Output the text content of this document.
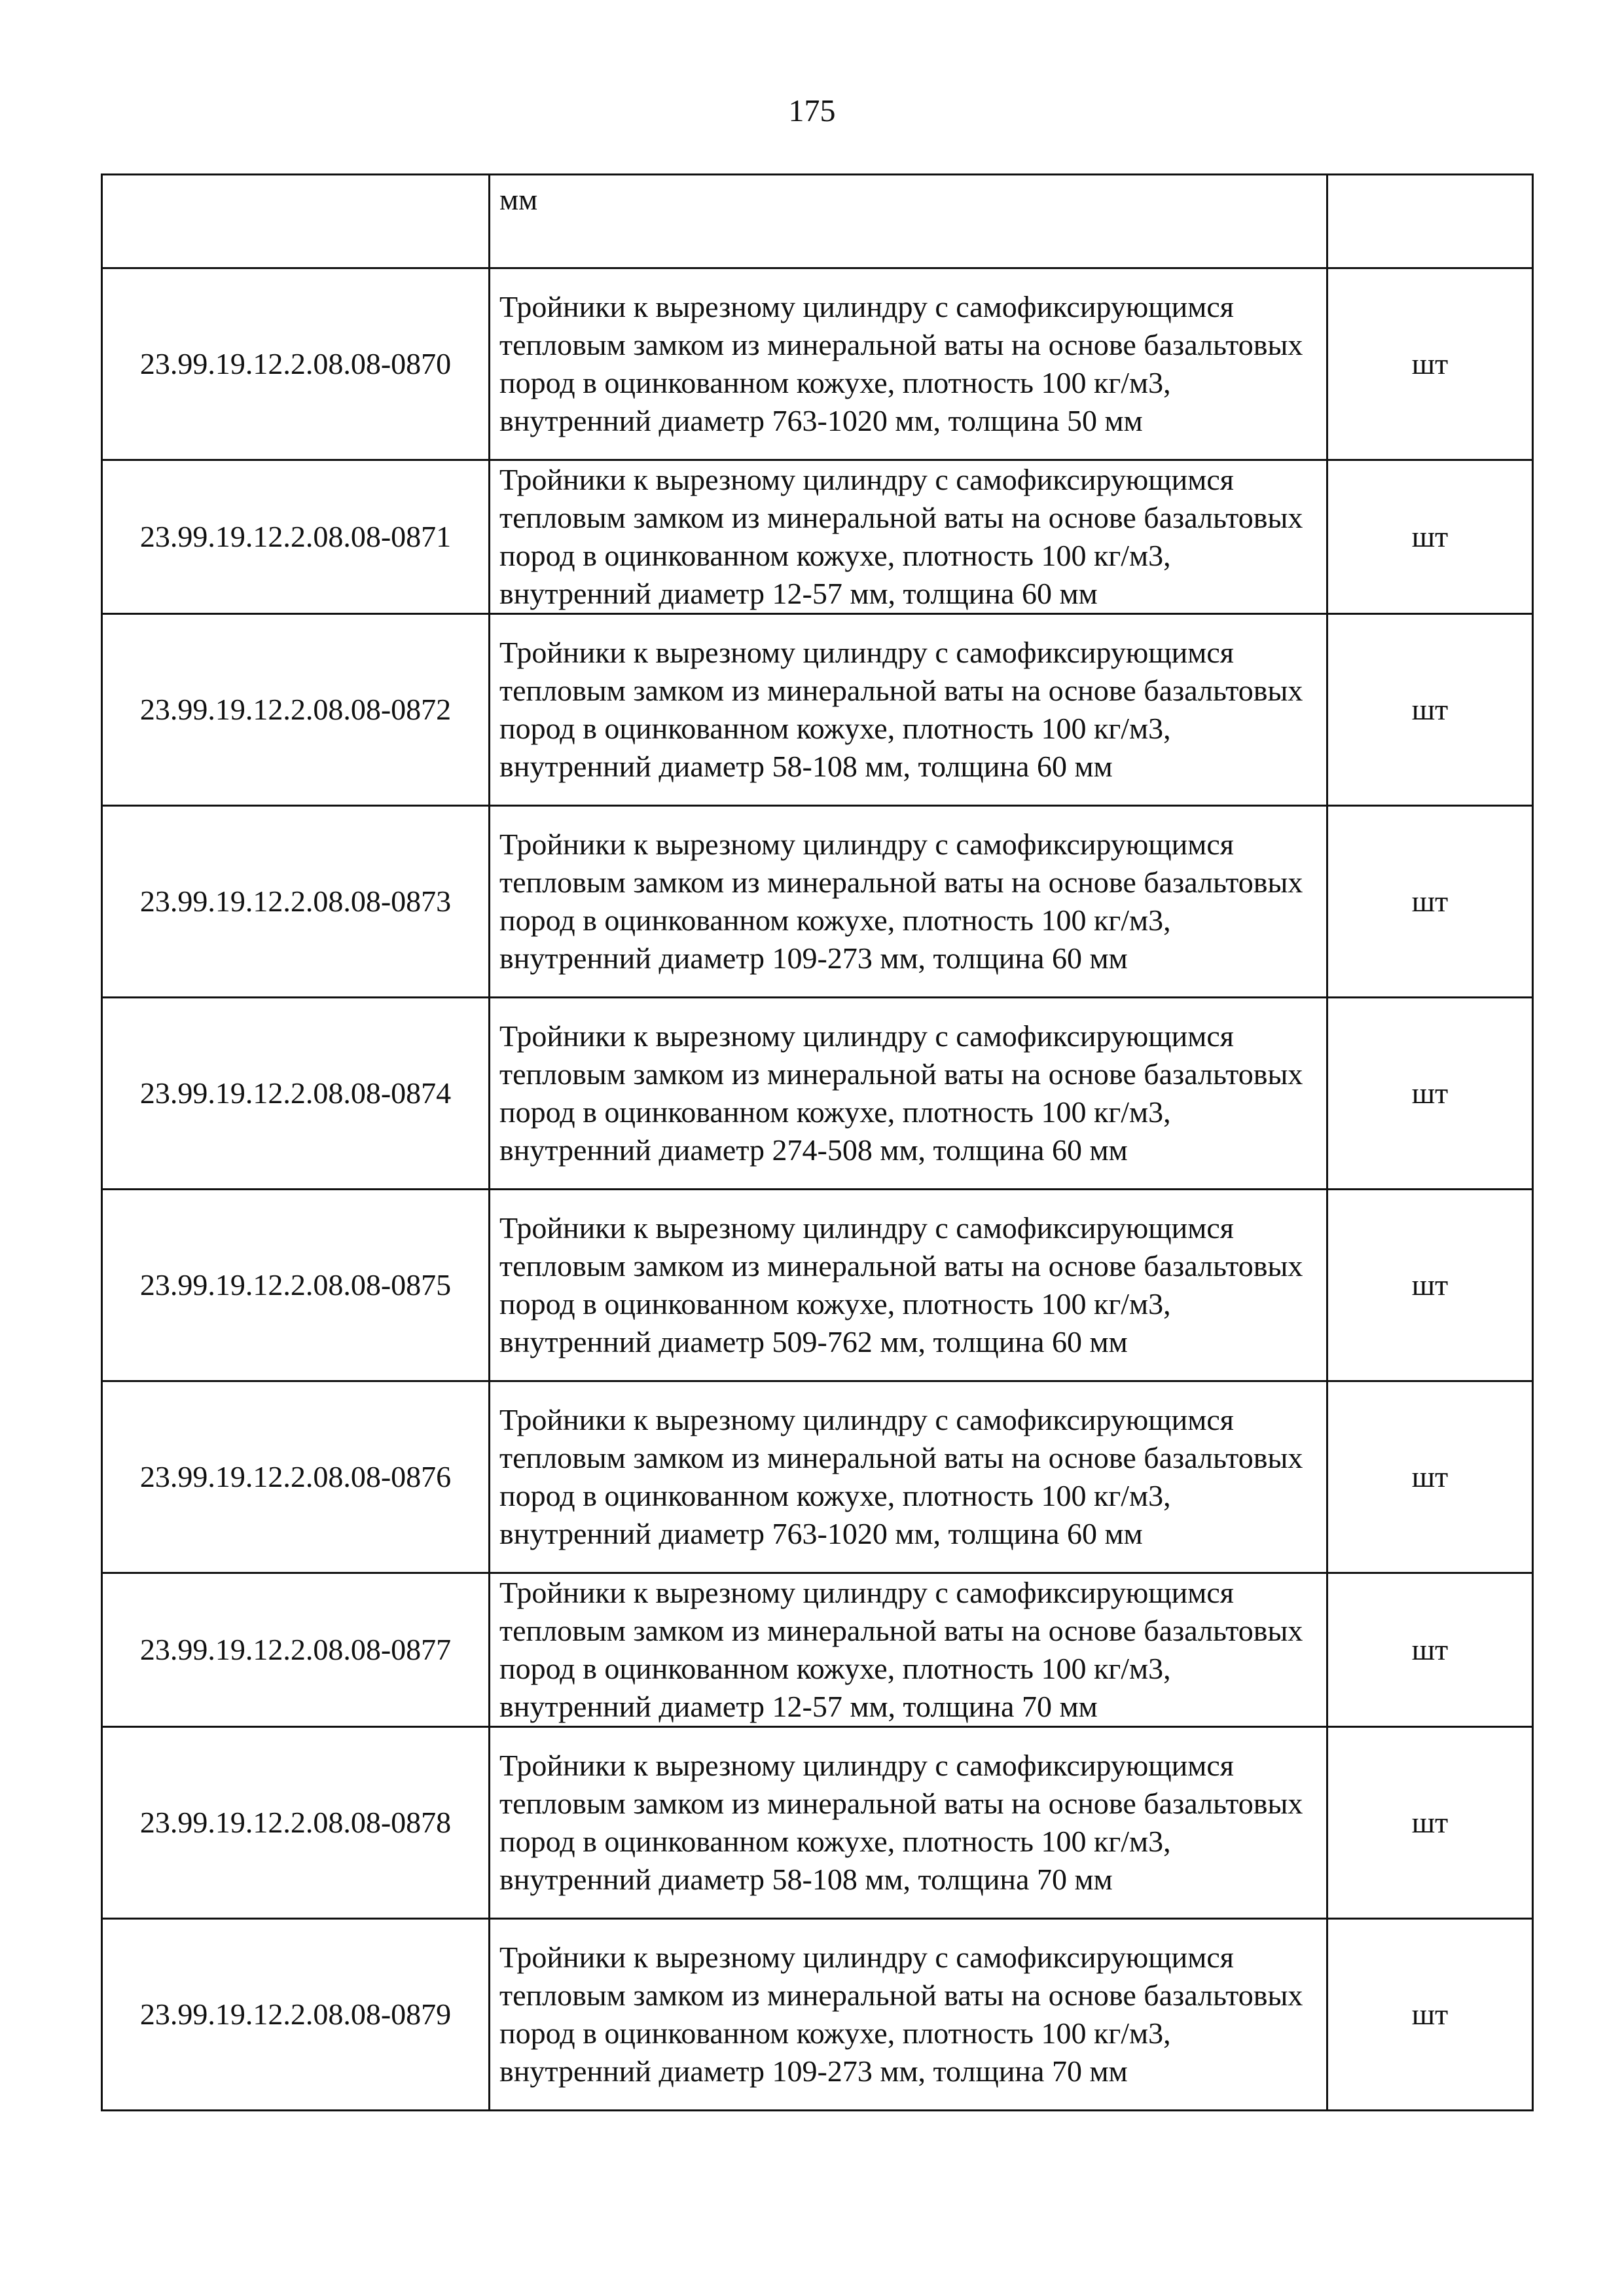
175
	мм	
23.99.19.12.2.08.08-0870	Тройники к вырезному цилиндру с самофиксирующимся тепловым замком из минеральной ваты на основе базальтовых пород в оцинкованном кожухе, плотность 100 кг/м3, внутренний диаметр 763-1020 мм, толщина 50 мм	шт
23.99.19.12.2.08.08-0871	Тройники к вырезному цилиндру с самофиксирующимся тепловым замком из минеральной ваты на основе базальтовых пород в оцинкованном кожухе, плотность 100 кг/м3, внутренний диаметр 12-57 мм, толщина 60 мм	шт
23.99.19.12.2.08.08-0872	Тройники к вырезному цилиндру с самофиксирующимся тепловым замком из минеральной ваты на основе базальтовых пород в оцинкованном кожухе, плотность 100 кг/м3, внутренний диаметр 58-108 мм, толщина 60 мм	шт
23.99.19.12.2.08.08-0873	Тройники к вырезному цилиндру с самофиксирующимся тепловым замком из минеральной ваты на основе базальтовых пород в оцинкованном кожухе, плотность 100 кг/м3, внутренний диаметр 109-273 мм, толщина 60 мм	шт
23.99.19.12.2.08.08-0874	Тройники к вырезному цилиндру с самофиксирующимся тепловым замком из минеральной ваты на основе базальтовых пород в оцинкованном кожухе, плотность 100 кг/м3, внутренний диаметр 274-508 мм, толщина 60 мм	шт
23.99.19.12.2.08.08-0875	Тройники к вырезному цилиндру с самофиксирующимся тепловым замком из минеральной ваты на основе базальтовых пород в оцинкованном кожухе, плотность 100 кг/м3, внутренний диаметр 509-762 мм, толщина 60 мм	шт
23.99.19.12.2.08.08-0876	Тройники к вырезному цилиндру с самофиксирующимся тепловым замком из минеральной ваты на основе базальтовых пород в оцинкованном кожухе, плотность 100 кг/м3, внутренний диаметр 763-1020 мм, толщина 60 мм	шт
23.99.19.12.2.08.08-0877	Тройники к вырезному цилиндру с самофиксирующимся тепловым замком из минеральной ваты на основе базальтовых пород в оцинкованном кожухе, плотность 100 кг/м3, внутренний диаметр 12-57 мм, толщина 70 мм	шт
23.99.19.12.2.08.08-0878	Тройники к вырезному цилиндру с самофиксирующимся тепловым замком из минеральной ваты на основе базальтовых пород в оцинкованном кожухе, плотность 100 кг/м3, внутренний диаметр 58-108 мм, толщина 70 мм	шт
23.99.19.12.2.08.08-0879	Тройники к вырезному цилиндру с самофиксирующимся тепловым замком из минеральной ваты на основе базальтовых пород в оцинкованном кожухе, плотность 100 кг/м3, внутренний диаметр 109-273 мм, толщина 70 мм	шт
